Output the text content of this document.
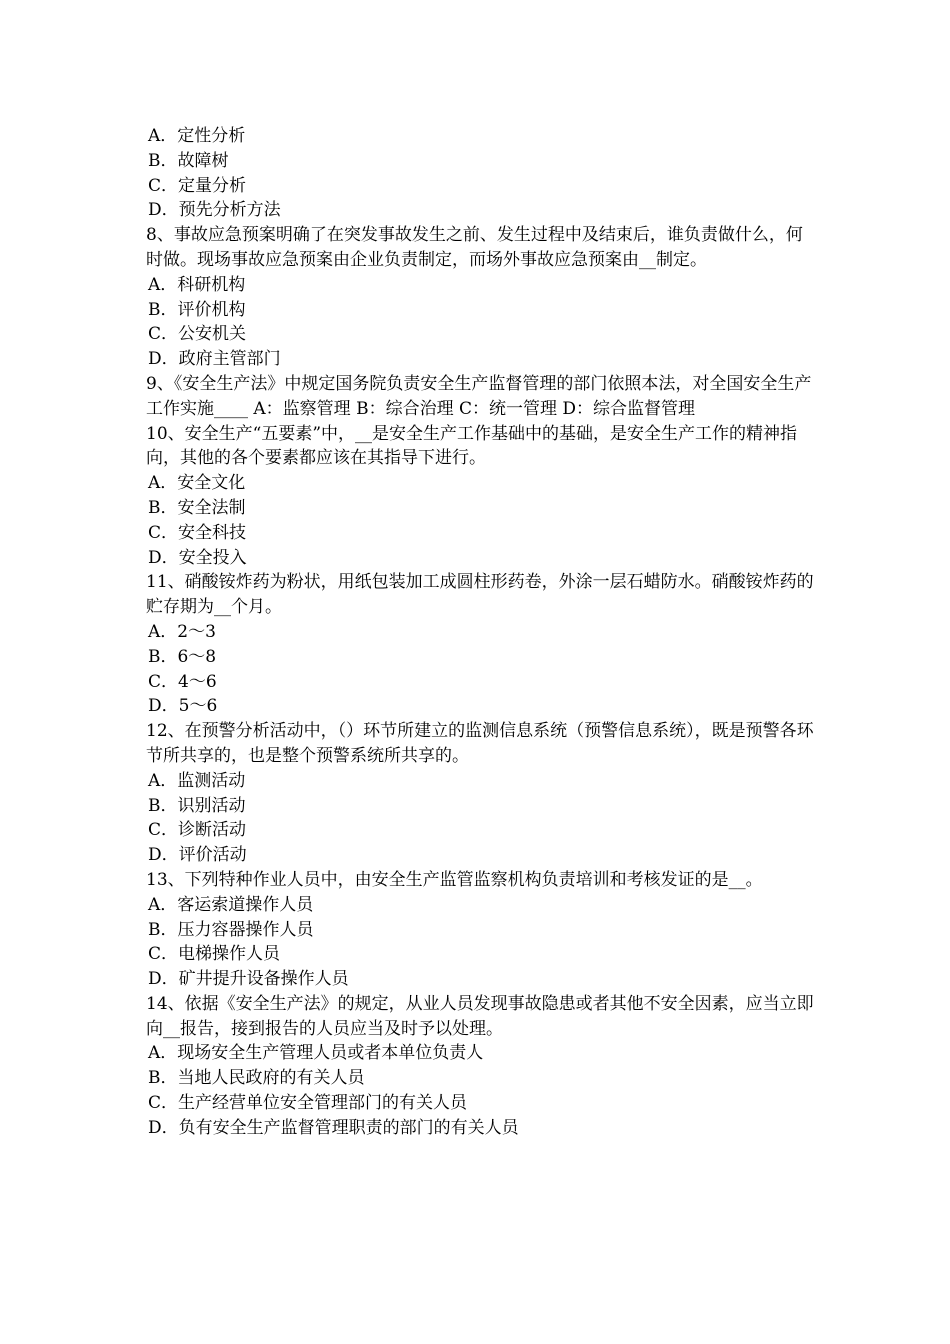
A．定性分析

B．故障树

C．定量分析

D．预先分析方法

8、事故应急预案明确了在突发事故发生之前、发生过程中及结束后，谁负责做什么，何时做。现场事故应急预案由企业负责制定，而场外事故应急预案由__制定。

A．科研机构

B．评价机构

C．公安机关

D．政府主管部门

9、《安全生产法》中规定国务院负责安全生产监督管理的部门依照本法，对全国安全生产工作实施____ A：监察管理 B：综合治理 C：统一管理 D：综合监督管理

10、安全生产“五要素”中，__是安全生产工作基础中的基础，是安全生产工作的精神指向，其他的各个要素都应该在其指导下进行。

A．安全文化

B．安全法制

C．安全科技

D．安全投入

11、硝酸铵炸药为粉状，用纸包装加工成圆柱形药卷，外涂一层石蜡防水。硝酸铵炸药的贮存期为__个月。

A．2～3

B．6～8

C．4～6

D．5～6

12、在预警分析活动中，（）环节所建立的监测信息系统（预警信息系统），既是预警各环节所共享的，也是整个预警系统所共享的。

A．监测活动

B．识别活动

C．诊断活动

D．评价活动

13、下列特种作业人员中，由安全生产监管监察机构负责培训和考核发证的是__。

A．客运索道操作人员

B．压力容器操作人员

C．电梯操作人员

D．矿井提升设备操作人员

14、依据《安全生产法》的规定，从业人员发现事故隐患或者其他不安全因素，应当立即向__报告，接到报告的人员应当及时予以处理。

A．现场安全生产管理人员或者本单位负责人

B．当地人民政府的有关人员

C．生产经营单位安全管理部门的有关人员

D．负有安全生产监督管理职责的部门的有关人员
